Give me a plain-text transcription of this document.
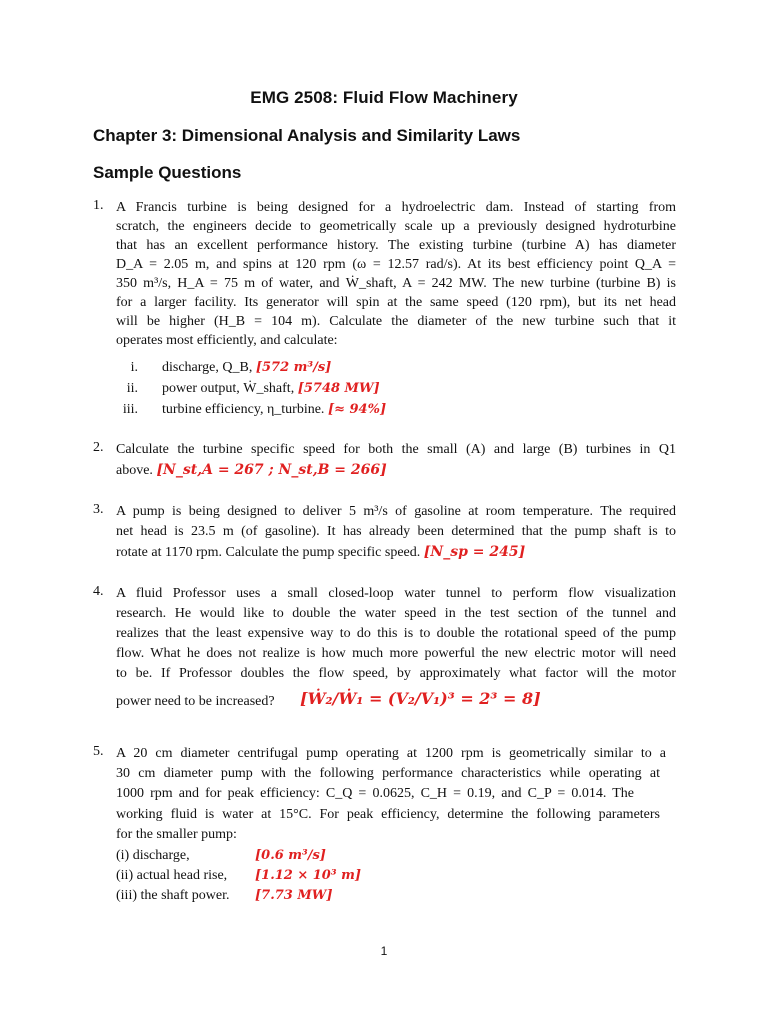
EMG 2508: Fluid Flow Machinery
Chapter 3: Dimensional Analysis and Similarity Laws
Sample Questions
1. A Francis turbine is being designed for a hydroelectric dam. Instead of starting from
scratch, the engineers decide to geometrically scale up a previously designed hydroturbine
that has an excellent performance history. The existing turbine (turbine A) has diameter
D_A = 2.05 m, and spins at 120 rpm (ω = 12.57 rad/s). At its best efficiency point Q_A =
350 m³/s, H_A = 75 m of water, and Ẇ_shaft, A = 242 MW. The new turbine (turbine B) is
for a larger facility. Its generator will spin at the same speed (120 rpm), but its net head
will be higher (H_B = 104 m). Calculate the diameter of the new turbine such that it
operates most efficiently, and calculate:
i. discharge, Q_B, [572 m³/s]
ii. power output, Ẇ_shaft, [5748 MW]
iii. turbine efficiency, η_turbine. [≈ 94%]
2. Calculate the turbine specific speed for both the small (A) and large (B) turbines in Q1
above. [N_st,A = 267 ; N_st,B = 266]
3. A pump is being designed to deliver 5 m³/s of gasoline at room temperature. The required
net head is 23.5 m (of gasoline). It has already been determined that the pump shaft is to
rotate at 1170 rpm. Calculate the pump specific speed. [N_sp = 245]
4. A fluid Professor uses a small closed-loop water tunnel to perform flow visualization
research. He would like to double the water speed in the test section of the tunnel and
realizes that the least expensive way to do this is to double the rotational speed of the pump
flow. What he does not realize is how much more powerful the new electric motor will need
to be. If Professor doubles the flow speed, by approximately what factor will the motor
power need to be increased?	[Ẇ₂/Ẇ₁ = (V₂/V₁)³ = 2³ = 8]
5. A 20 cm diameter centrifugal pump operating at 1200 rpm is geometrically similar to a
30 cm diameter pump with the following performance characteristics while operating at
1000 rpm and for peak efficiency: C_Q = 0.0625, C_H = 0.19, and C_P = 0.014. The
working fluid is water at 15°C. For peak efficiency, determine the following parameters
for the smaller pump:
(i) discharge,	[0.6 m³/s]
(ii) actual head rise, [1.12 × 10³ m]
(iii) the shaft power. [7.73 MW]
1
